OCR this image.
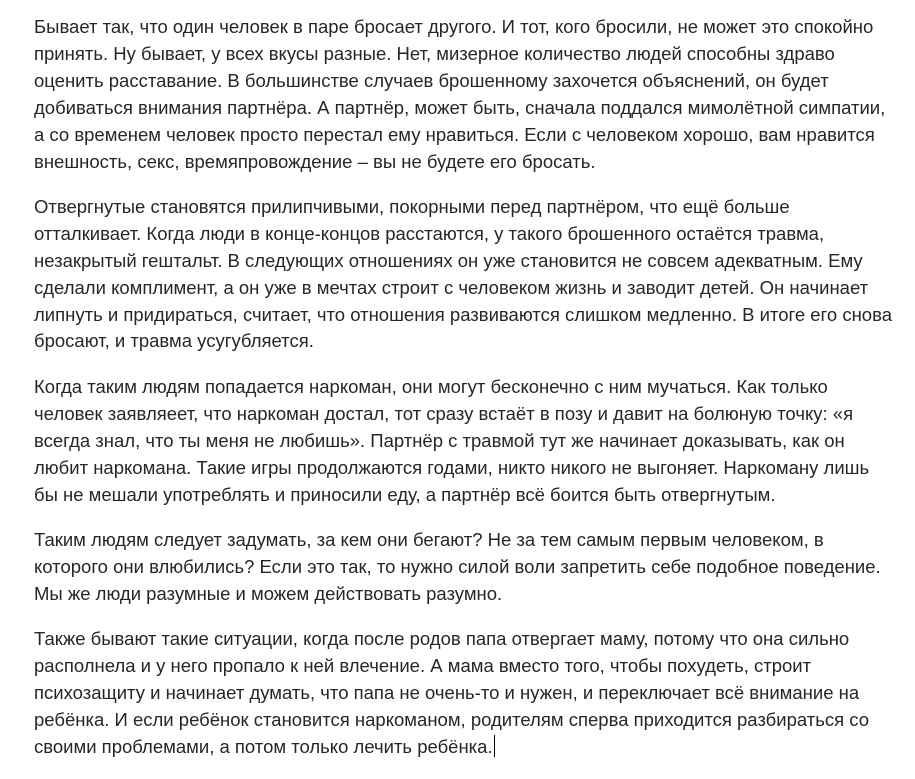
Бывает так, что один человек в паре бросает другого. И тот, кого бросили, не может это спокойно
принять. Ну бывает, у всех вкусы разные. Нет, мизерное количество людей способны здраво
оценить расставание. В большинстве случаев брошенному захочется объяснений, он будет
добиваться внимания партнёра. А партнёр, может быть, сначала поддался мимолётной симпатии,
а со временем человек просто перестал ему нравиться. Если с человеком хорошо, вам нравится
внешность, секс, времяпровождение – вы не будете его бросать.

Отвергнутые становятся прилипчивыми, покорными перед партнёром, что ещё больше
отталкивает. Когда люди в конце-концов расстаются, у такого брошенного остаётся травма,
незакрытый гештальт. В следующих отношениях он уже становится не совсем адекватным. Ему
сделали комплимент, а он уже в мечтах строит с человеком жизнь и заводит детей. Он начинает
липнуть и придираться, считает, что отношения развиваются слишком медленно. В итоге его снова
бросают, и травма усугубляется.

Когда таким людям попадается наркоман, они могут бесконечно с ним мучаться. Как только
человек заявляеет, что наркоман достал, тот сразу встаёт в позу и давит на болюную точку: «я
всегда знал, что ты меня не любишь». Партнёр с травмой тут же начинает доказывать, как он
любит наркомана. Такие игры продолжаются годами, никто никого не выгоняет. Наркоману лишь
бы не мешали употреблять и приносили еду, а партнёр всё боится быть отвергнутым.

Таким людям следует задумать, за кем они бегают? Не за тем самым первым человеком, в
которого они влюбились? Если это так, то нужно силой воли запретить себе подобное поведение.
Мы же люди разумные и можем действовать разумно.

Также бывают такие ситуации, когда после родов папа отвергает маму, потому что она сильно
располнела и у него пропало к ней влечение. А мама вместо того, чтобы похудеть, строит
психозащиту и начинает думать, что папа не очень-то и нужен, и переключает всё внимание на
ребёнка. И если ребёнок становится наркоманом, родителям сперва приходится разбираться со
своими проблемами, а потом только лечить ребёнка.
